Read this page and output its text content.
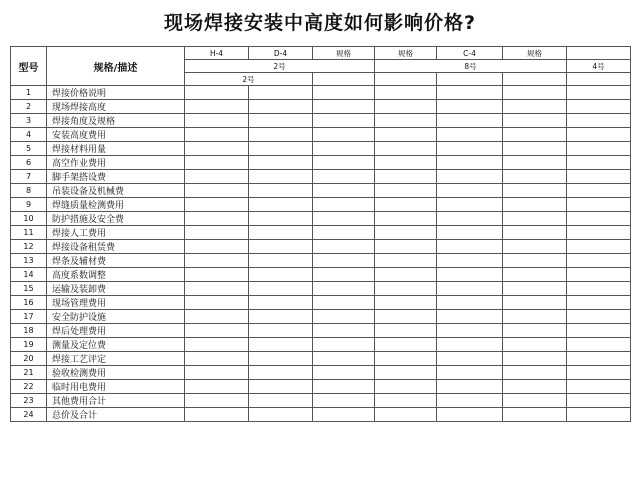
现场焊接安装中高度如何影响价格?
型号	规格/描述	H-4	D-4	规格	规格	C-4	规格	
		2号			8号			4号
		2号						
1	焊接价格说明							
2	现场焊接高度							
3	焊接角度及规格							
4	安装高度费用							
5	焊接材料用量							
6	高空作业费用							
7	脚手架搭设费							
8	吊装设备及机械费							
9	焊缝质量检测费用							
10	防护措施及安全费							
11	焊接人工费用							
12	焊接设备租赁费							
13	焊条及辅材费							
14	高度系数调整							
15	运输及装卸费							
16	现场管理费用							
17	安全防护设施							
18	焊后处理费用							
19	测量及定位费							
20	焊接工艺评定							
21	验收检测费用							
22	临时用电费用							
23	其他费用合计							
24	总价及合计							
